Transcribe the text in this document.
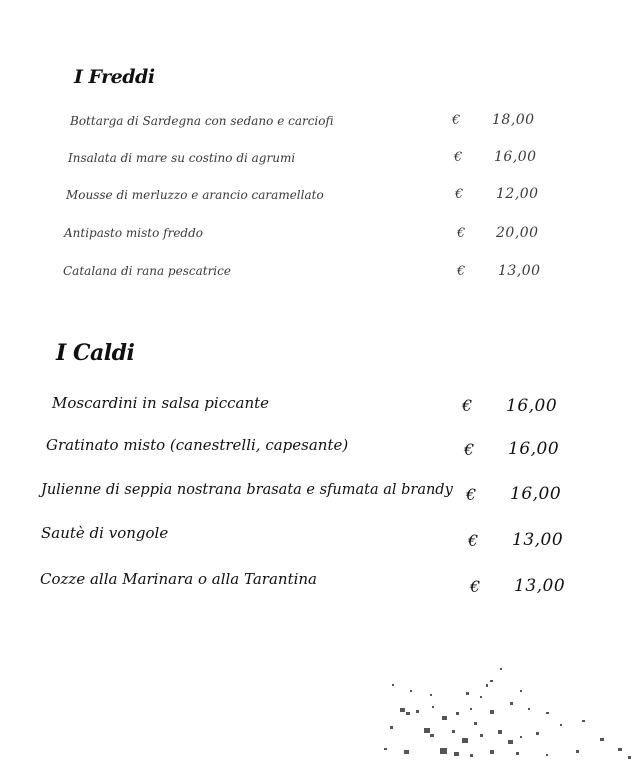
I Freddi
Bottarga di Sardegna con sedano e carciofi	€ 18,00
Insalata di mare su costino di agrumi	€ 16,00
Mousse di merluzzo e arancio caramellato	€ 12,00
Antipasto misto freddo	€ 20,00
Catalana di rana pescatrice	€ 13,00
I Caldi
Moscardini in salsa piccante	€ 16,00
Gratinato misto (canestrelli, capesante)	€ 16,00
Julienne di seppia nostrana brasata e sfumata al brandy € 16,00
Sautè di vongole	€ 13,00
Cozze alla Marinara o alla Tarantina	€ 13,00
